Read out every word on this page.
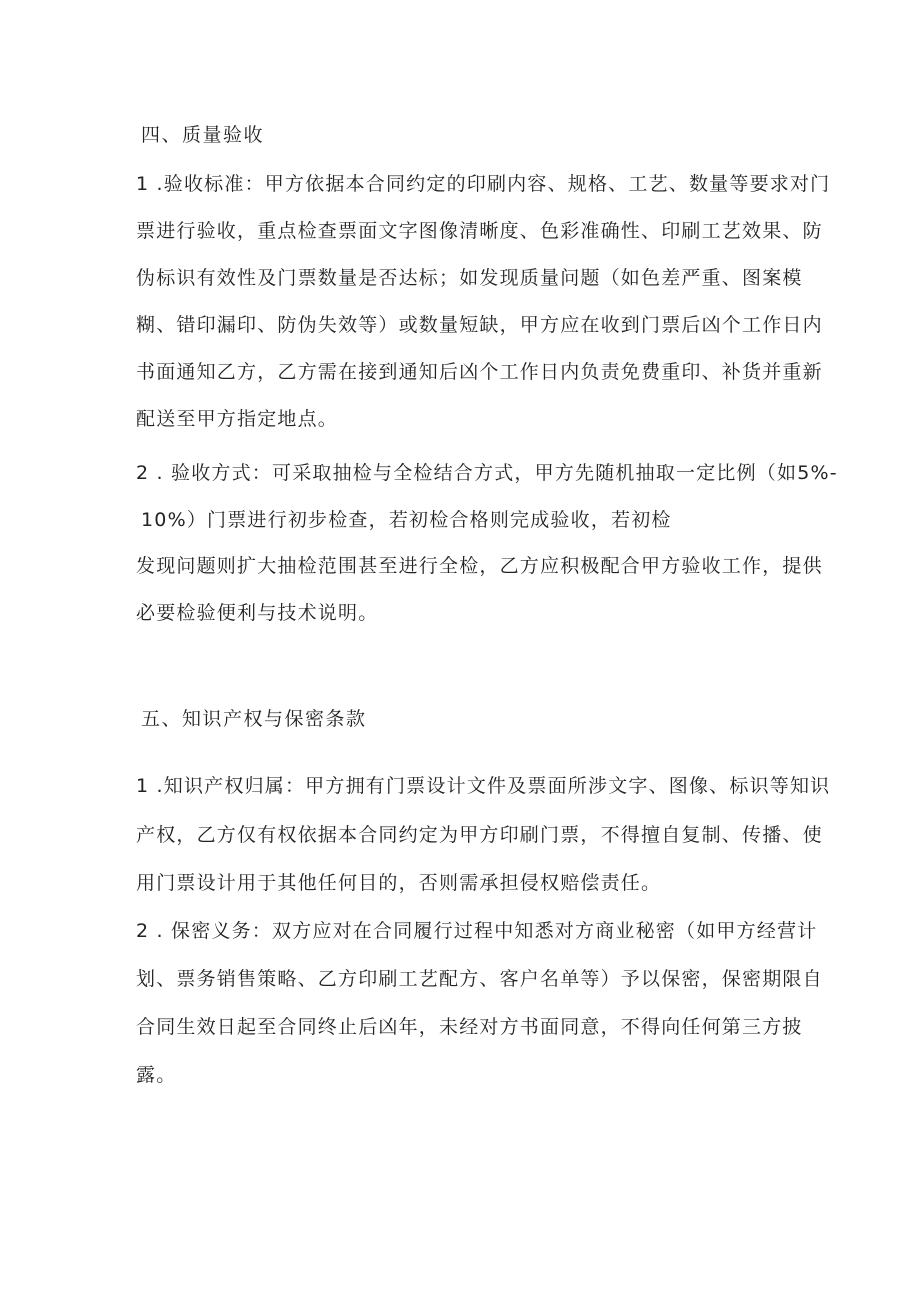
四、质量验收
1 .验收标准：甲方依据本合同约定的印刷内容、规格、工艺、数量等要求对门
票进行验收，重点检查票面文字图像清晰度、色彩准确性、印刷工艺效果、防
伪标识有效性及门票数量是否达标；如发现质量问题（如色差严重、图案模
糊、错印漏印、防伪失效等）或数量短缺，甲方应在收到门票后凶个工作日内
书面通知乙方，乙方需在接到通知后凶个工作日内负责免费重印、补货并重新
配送至甲方指定地点。
2 . 验收方式：可采取抽检与全检结合方式，甲方先随机抽取一定比例（如5%-
10%）门票进行初步检查，若初检合格则完成验收，若初检
发现问题则扩大抽检范围甚至进行全检，乙方应积极配合甲方验收工作，提供
必要检验便利与技术说明。
五、知识产权与保密条款
1 .知识产权归属：甲方拥有门票设计文件及票面所涉文字、图像、标识等知识
产权，乙方仅有权依据本合同约定为甲方印刷门票，不得擅自复制、传播、使
用门票设计用于其他任何目的，否则需承担侵权赔偿责任。
2 . 保密义务：双方应对在合同履行过程中知悉对方商业秘密（如甲方经营计
划、票务销售策略、乙方印刷工艺配方、客户名单等）予以保密，保密期限自
合同生效日起至合同终止后凶年，未经对方书面同意，不得向任何第三方披
露。
